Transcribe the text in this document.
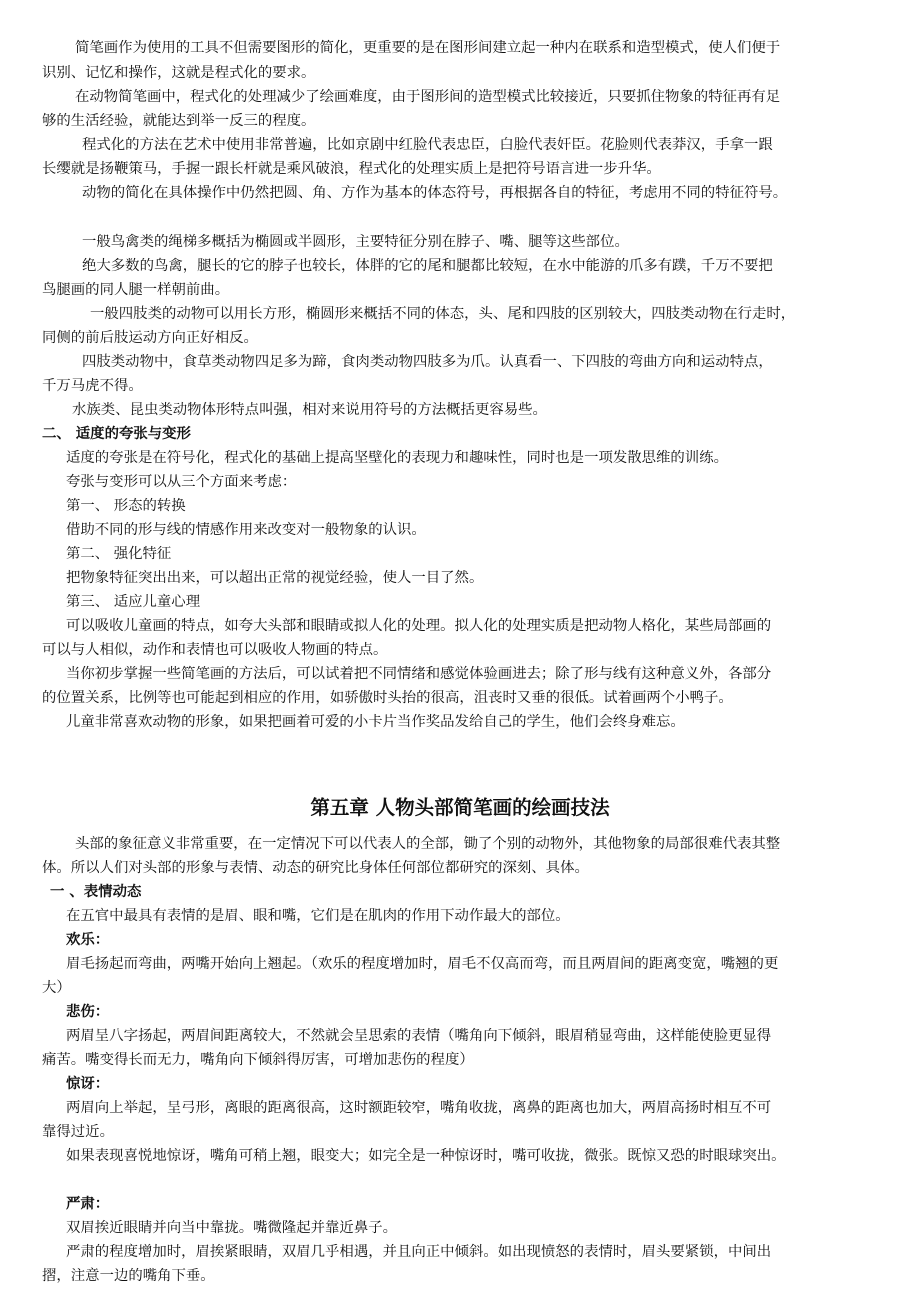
简笔画作为使用的工具不但需要图形的简化，更重要的是在图形间建立起一种内在联系和造型模式，使人们便于
识别、记忆和操作，这就是程式化的要求。
在动物简笔画中，程式化的处理减少了绘画难度，由于图形间的造型模式比较接近，只要抓住物象的特征再有足
够的生活经验，就能达到举一反三的程度。
程式化的方法在艺术中使用非常普遍，比如京剧中红脸代表忠臣，白脸代表奸臣。花脸则代表莽汉，手拿一跟
长缨就是扬鞭策马，手握一跟长杆就是乘风破浪，程式化的处理实质上是把符号语言进一步升华。
动物的简化在具体操作中仍然把圆、角、方作为基本的体态符号，再根据各自的特征，考虑用不同的特征符号。
一般鸟禽类的绳梯多概括为椭圆或半圆形，主要特征分别在脖子、嘴、腿等这些部位。
绝大多数的鸟禽，腿长的它的脖子也较长，体胖的它的尾和腿都比较短，在水中能游的爪多有蹼，千万不要把
鸟腿画的同人腿一样朝前曲。
一般四肢类的动物可以用长方形，椭圆形来概括不同的体态，头、尾和四肢的区别较大，四肢类动物在行走时，
同侧的前后肢运动方向正好相反。
四肢类动物中，食草类动物四足多为蹄，食肉类动物四肢多为爪。认真看一、下四肢的弯曲方向和运动特点，
千万马虎不得。
水族类、昆虫类动物体形特点叫强，相对来说用符号的方法概括更容易些。
二、 适度的夸张与变形
适度的夸张是在符号化，程式化的基础上提高坚壁化的表现力和趣味性，同时也是一项发散思维的训练。
夸张与变形可以从三个方面来考虑：
第一、 形态的转换
借助不同的形与线的情感作用来改变对一般物象的认识。
第二、 强化特征
把物象特征突出出来，可以超出正常的视觉经验，使人一目了然。
第三、 适应儿童心理
可以吸收儿童画的特点，如夸大头部和眼睛或拟人化的处理。拟人化的处理实质是把动物人格化，某些局部画的
可以与人相似，动作和表情也可以吸收人物画的特点。
当你初步掌握一些简笔画的方法后，可以试着把不同情绪和感觉体验画进去；除了形与线有这种意义外，各部分
的位置关系，比例等也可能起到相应的作用，如骄傲时头抬的很高，沮丧时又垂的很低。试着画两个小鸭子。
儿童非常喜欢动物的形象，如果把画着可爱的小卡片当作奖品发给自己的学生，他们会终身难忘。
第五章 人物头部简笔画的绘画技法
头部的象征意义非常重要，在一定情况下可以代表人的全部，锄了个别的动物外，其他物象的局部很难代表其整
体。所以人们对头部的形象与表情、动态的研究比身体任何部位都研究的深刻、具体。
一 、表情动态
在五官中最具有表情的是眉、眼和嘴，它们是在肌肉的作用下动作最大的部位。
欢乐：
眉毛扬起而弯曲，两嘴开始向上翘起。（欢乐的程度增加时，眉毛不仅高而弯，而且两眉间的距离变宽，嘴翘的更
大）
悲伤：
两眉呈八字扬起，两眉间距离较大，不然就会呈思索的表情（嘴角向下倾斜，眼眉稍显弯曲，这样能使脸更显得
痛苦。嘴变得长而无力，嘴角向下倾斜得厉害，可增加悲伤的程度）
惊讶：
两眉向上举起，呈弓形，离眼的距离很高，这时额距较窄，嘴角收拢，离鼻的距离也加大，两眉高扬时相互不可
靠得过近。
如果表现喜悦地惊讶，嘴角可稍上翘，眼变大；如完全是一种惊讶时，嘴可收拢，微张。既惊又恐的时眼球突出。
严肃：
双眉挨近眼睛并向当中靠拢。嘴微隆起并靠近鼻子。
严肃的程度增加时，眉挨紧眼睛，双眉几乎相遇，并且向正中倾斜。如出现愤怒的表情时，眉头要紧锁，中间出
摺，注意一边的嘴角下垂。
